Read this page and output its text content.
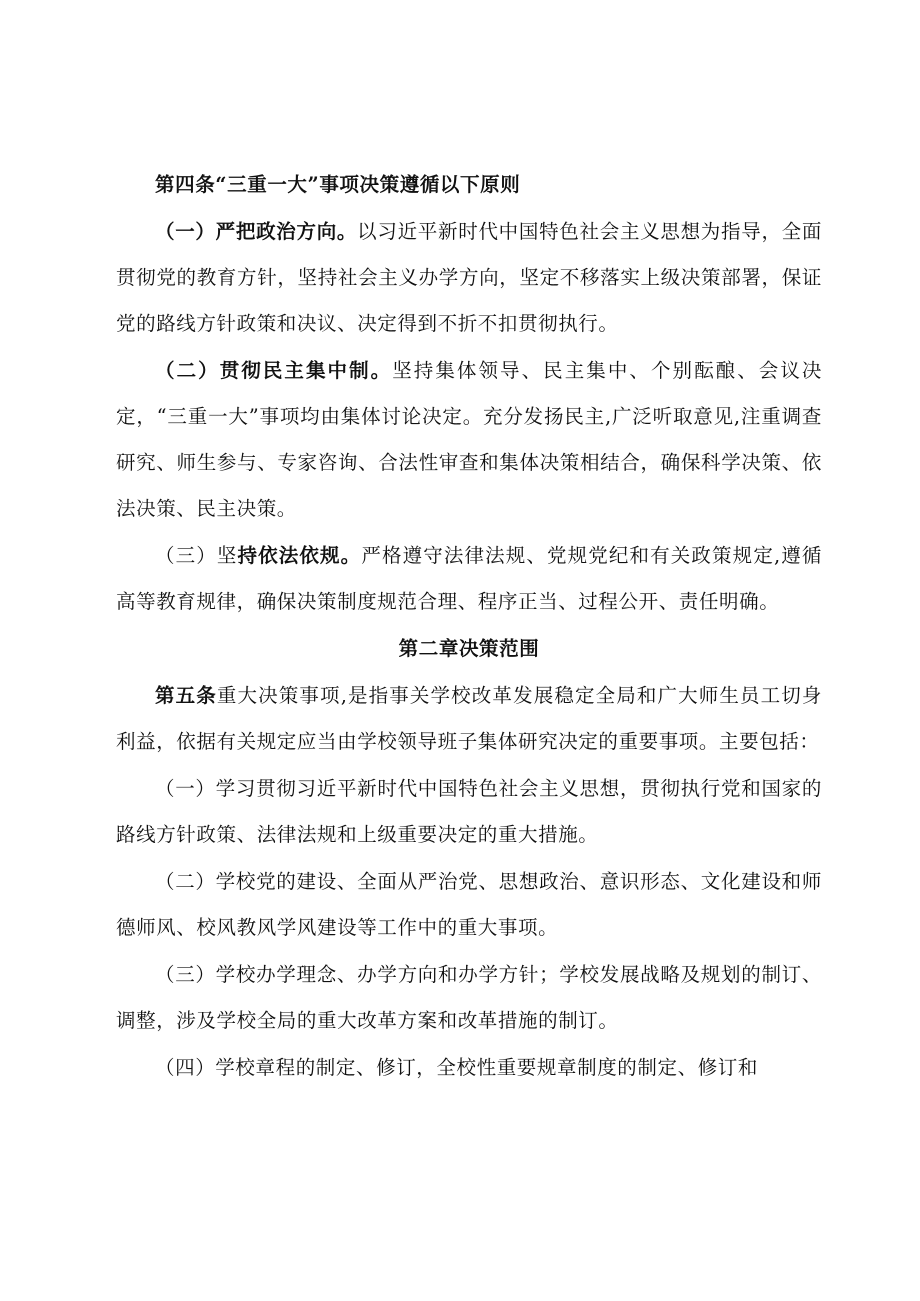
第四条“三重一大”事项决策遵循以下原则

（一）严把政治方向。以习近平新时代中国特色社会主义思想为指导，全面贯彻党的教育方针，坚持社会主义办学方向，坚定不移落实上级决策部署，保证党的路线方针政策和决议、决定得到不折不扣贯彻执行。

（二）贯彻民主集中制。坚持集体领导、民主集中、个别酝酿、会议决定，“三重一大”事项均由集体讨论决定。充分发扬民主,广泛听取意见,注重调查研究、师生参与、专家咨询、合法性审查和集体决策相结合，确保科学决策、依法决策、民主决策。

（三）坚持依法依规。严格遵守法律法规、党规党纪和有关政策规定,遵循高等教育规律，确保决策制度规范合理、程序正当、过程公开、责任明确。

第二章决策范围

第五条重大决策事项,是指事关学校改革发展稳定全局和广大师生员工切身利益，依据有关规定应当由学校领导班子集体研究决定的重要事项。主要包括：

（一）学习贯彻习近平新时代中国特色社会主义思想，贯彻执行党和国家的路线方针政策、法律法规和上级重要决定的重大措施。

（二）学校党的建设、全面从严治党、思想政治、意识形态、文化建设和师德师风、校风教风学风建设等工作中的重大事项。

（三）学校办学理念、办学方向和办学方针；学校发展战略及规划的制订、调整，涉及学校全局的重大改革方案和改革措施的制订。

（四）学校章程的制定、修订，全校性重要规章制度的制定、修订和
